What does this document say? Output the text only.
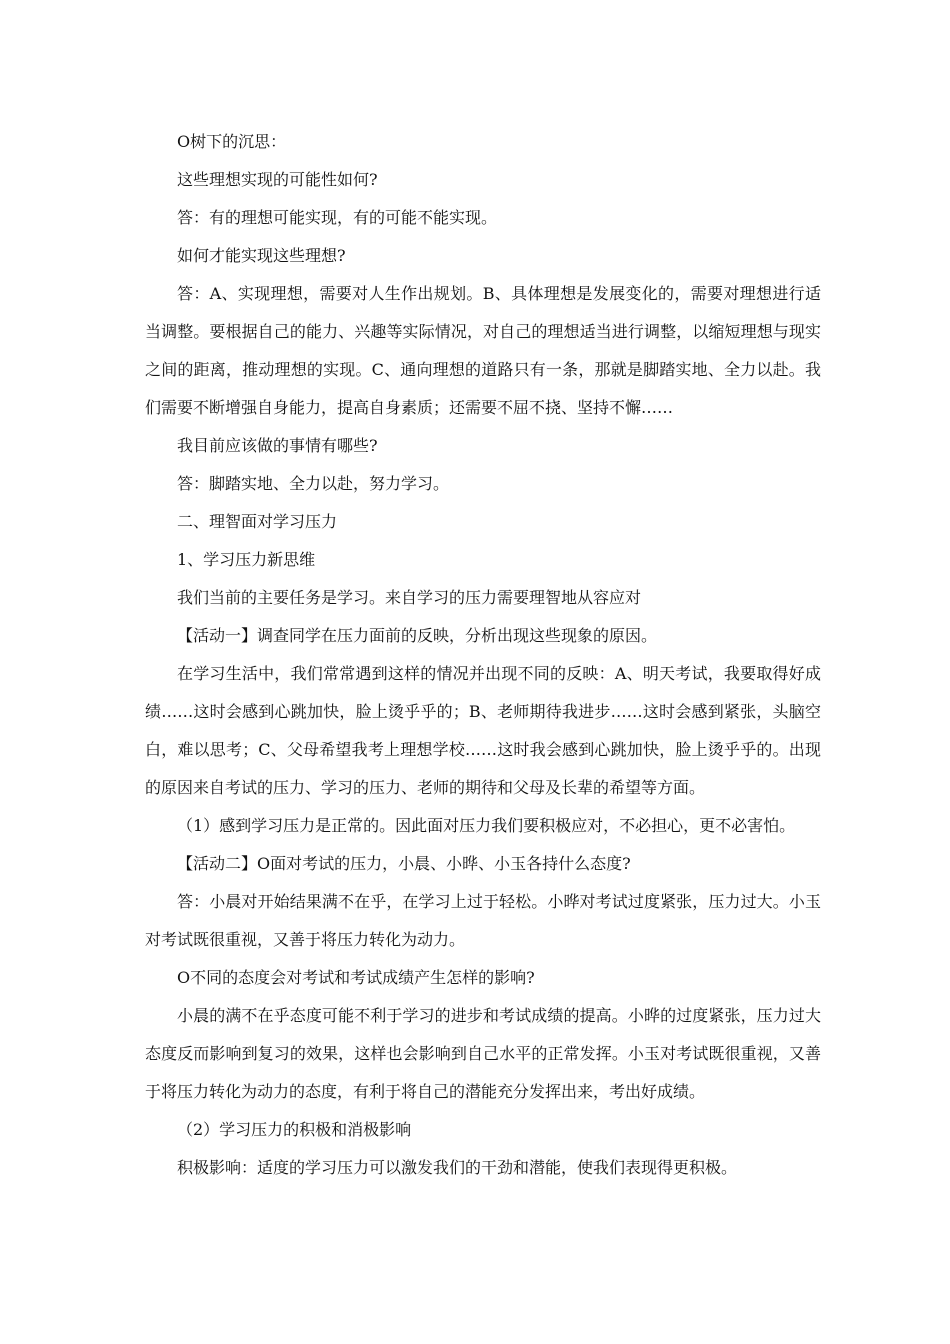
O树下的沉思：

这些理想实现的可能性如何?

答：有的理想可能实现，有的可能不能实现。

如何才能实现这些理想?

答：A、实现理想，需要对人生作出规划。B、具体理想是发展变化的，需要对理想进行适当调整。要根据自己的能力、兴趣等实际情况，对自己的理想适当进行调整，以缩短理想与现实之间的距离，推动理想的实现。C、通向理想的道路只有一条，那就是脚踏实地、全力以赴。我们需要不断增强自身能力，提高自身素质；还需要不屈不挠、坚持不懈……

我目前应该做的事情有哪些?

答：脚踏实地、全力以赴，努力学习。

二、理智面对学习压力

1、学习压力新思维

我们当前的主要任务是学习。来自学习的压力需要理智地从容应对

【活动一】调查同学在压力面前的反映，分析出现这些现象的原因。

在学习生活中，我们常常遇到这样的情况并出现不同的反映：A、明天考试，我要取得好成绩……这时会感到心跳加快，脸上烫乎乎的；B、老师期待我进步……这时会感到紧张，头脑空白，难以思考；C、父母希望我考上理想学校……这时我会感到心跳加快，脸上烫乎乎的。出现的原因来自考试的压力、学习的压力、老师的期待和父母及长辈的希望等方面。

（1）感到学习压力是正常的。因此面对压力我们要积极应对，不必担心，更不必害怕。

【活动二】O面对考试的压力，小晨、小晔、小玉各持什么态度?

答：小晨对开始结果满不在乎，在学习上过于轻松。小晔对考试过度紧张，压力过大。小玉对考试既很重视，又善于将压力转化为动力。

O不同的态度会对考试和考试成绩产生怎样的影响?

小晨的满不在乎态度可能不利于学习的进步和考试成绩的提高。小晔的过度紧张，压力过大态度反而影响到复习的效果，这样也会影响到自己水平的正常发挥。小玉对考试既很重视，又善于将压力转化为动力的态度，有利于将自己的潜能充分发挥出来，考出好成绩。

（2）学习压力的积极和消极影响

积极影响：适度的学习压力可以激发我们的干劲和潜能，使我们表现得更积极。
